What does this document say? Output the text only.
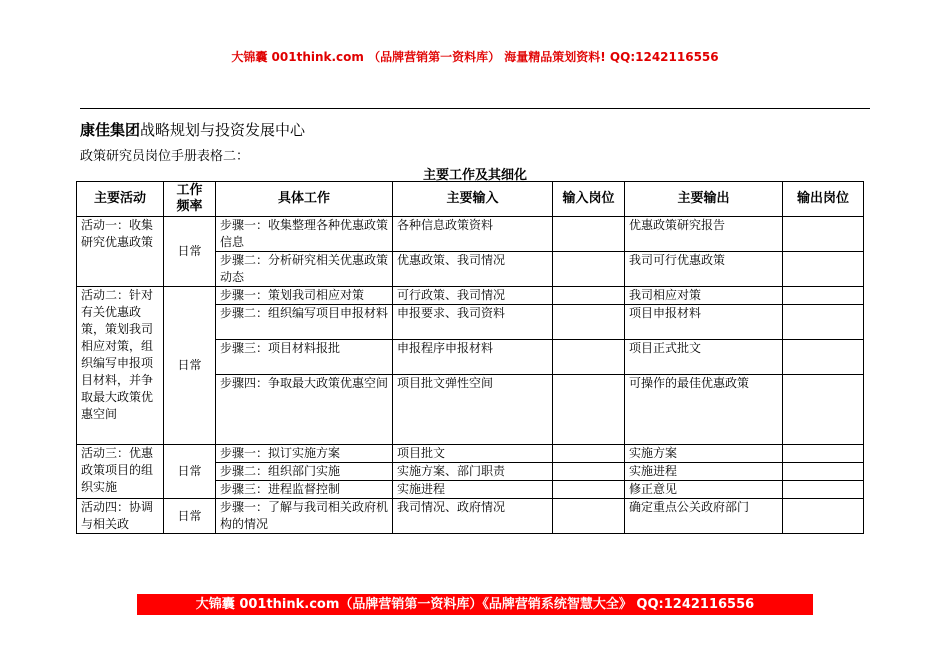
大锦囊 001think.com （品牌营销第一资料库） 海量精品策划资料! QQ:1242116556
康佳集团战略规划与投资发展中心
政策研究员岗位手册表格二：
主要工作及其细化
主要活动	工作频率	具体工作	主要输入	输入岗位	主要输出	输出岗位
活动一：收集研究优惠政策	日常	步骤一：收集整理各种优惠政策信息	各种信息政策资料		优惠政策研究报告	
		步骤二：分析研究相关优惠政策动态	优惠政策、我司情况		我司可行优惠政策	
活动二：针对有关优惠政策，策划我司相应对策，组织编写申报项目材料，并争取最大政策优惠空间	日常	步骤一：策划我司相应对策	可行政策、我司情况		我司相应对策	
		步骤二：组织编写项目申报材料	申报要求、我司资料		项目申报材料	
		步骤三：项目材料报批	申报程序申报材料		项目正式批文	
		步骤四：争取最大政策优惠空间	项目批文弹性空间		可操作的最佳优惠政策	
活动三：优惠政策项目的组织实施	日常	步骤一：拟订实施方案	项目批文		实施方案	
		步骤二：组织部门实施	实施方案、部门职责		实施进程	
		步骤三：进程监督控制	实施进程		修正意见	
活动四：协调与相关政	日常	步骤一：了解与我司相关政府机构的情况	我司情况、政府情况		确定重点公关政府部门	
大锦囊 001think.com（品牌营销第一资料库）《品牌营销系统智慧大全》 QQ:1242116556
